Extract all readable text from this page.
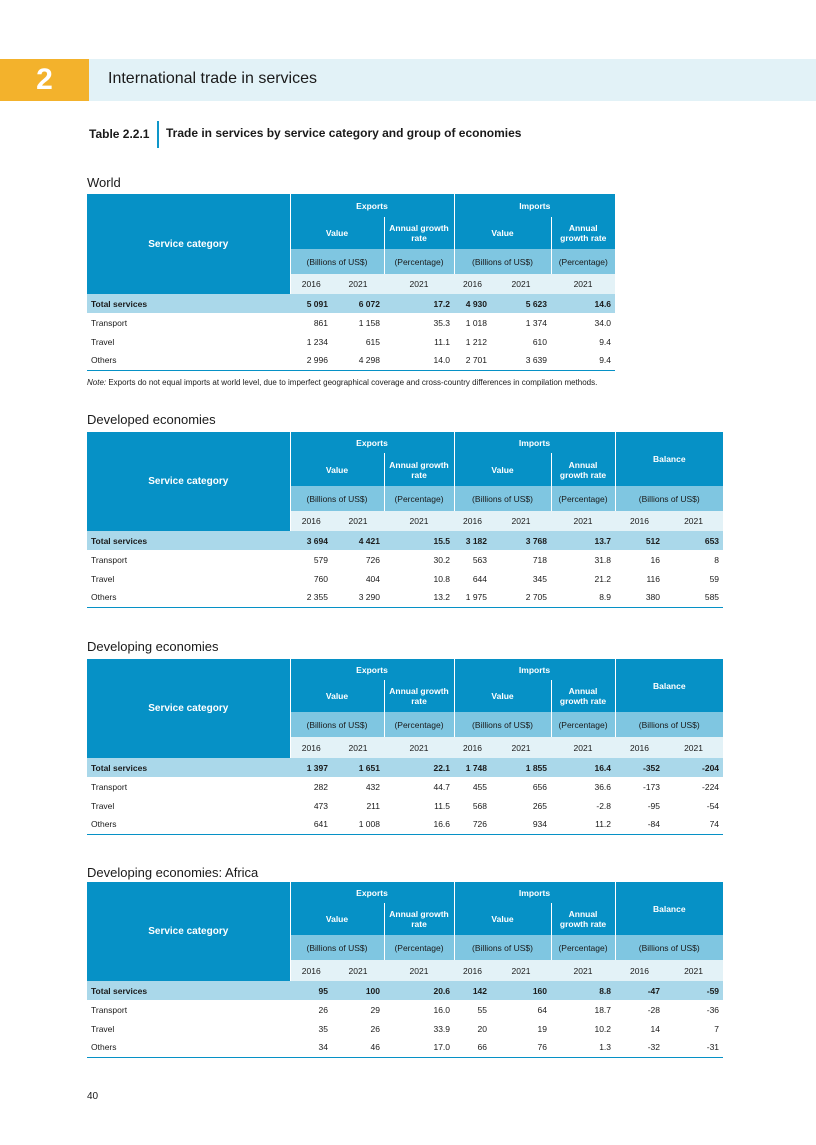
2	International trade in services
Table 2.2.1 Trade in services by service category and group of economies
World
Service category	Exports			Imports		
	Value		Annual growth rate	Value		Annual growth rate
	(Billions of US$)		(Percentage)	(Billions of US$)		(Percentage)
	2016	2021	2021	2016	2021	2021
Total services	5 091	6 072	17.2	4 930	5 623	14.6
Transport	861	1 158	35.3	1 018	1 374	34.0
Travel	1 234	615	11.1	1 212	610	9.4
Others	2 996	4 298	14.0	2 701	3 639	9.4
Note: Exports do not equal imports at world level, due to imperfect geographical coverage and cross-country differences in compilation methods.
Developed economies
Service category	Exports			Imports			Balance	
	Value		Annual growth rate	Value		Annual growth rate		
	(Billions of US$)		(Percentage)	(Billions of US$)		(Percentage)	(Billions of US$)	
	2016	2021	2021	2016	2021	2021	2016	2021
Total services	3 694	4 421	15.5	3 182	3 768	13.7	512	653
Transport	579	726	30.2	563	718	31.8	16	8
Travel	760	404	10.8	644	345	21.2	116	59
Others	2 355	3 290	13.2	1 975	2 705	8.9	380	585
Developing economies
Service category	Exports			Imports			Balance	
	Value		Annual growth rate	Value		Annual growth rate		
	(Billions of US$)		(Percentage)	(Billions of US$)		(Percentage)	(Billions of US$)	
	2016	2021	2021	2016	2021	2021	2016	2021
Total services	1 397	1 651	22.1	1 748	1 855	16.4	-352	-204
Transport	282	432	44.7	455	656	36.6	-173	-224
Travel	473	211	11.5	568	265	-2.8	-95	-54
Others	641	1 008	16.6	726	934	11.2	-84	74
Developing economies: Africa
Service category	Exports			Imports			Balance	
	Value		Annual growth rate	Value		Annual growth rate		
	(Billions of US$)		(Percentage)	(Billions of US$)		(Percentage)	(Billions of US$)	
	2016	2021	2021	2016	2021	2021	2016	2021
Total services	95	100	20.6	142	160	8.8	-47	-59
Transport	26	29	16.0	55	64	18.7	-28	-36
Travel	35	26	33.9	20	19	10.2	14	7
Others	34	46	17.0	66	76	1.3	-32	-31
40
